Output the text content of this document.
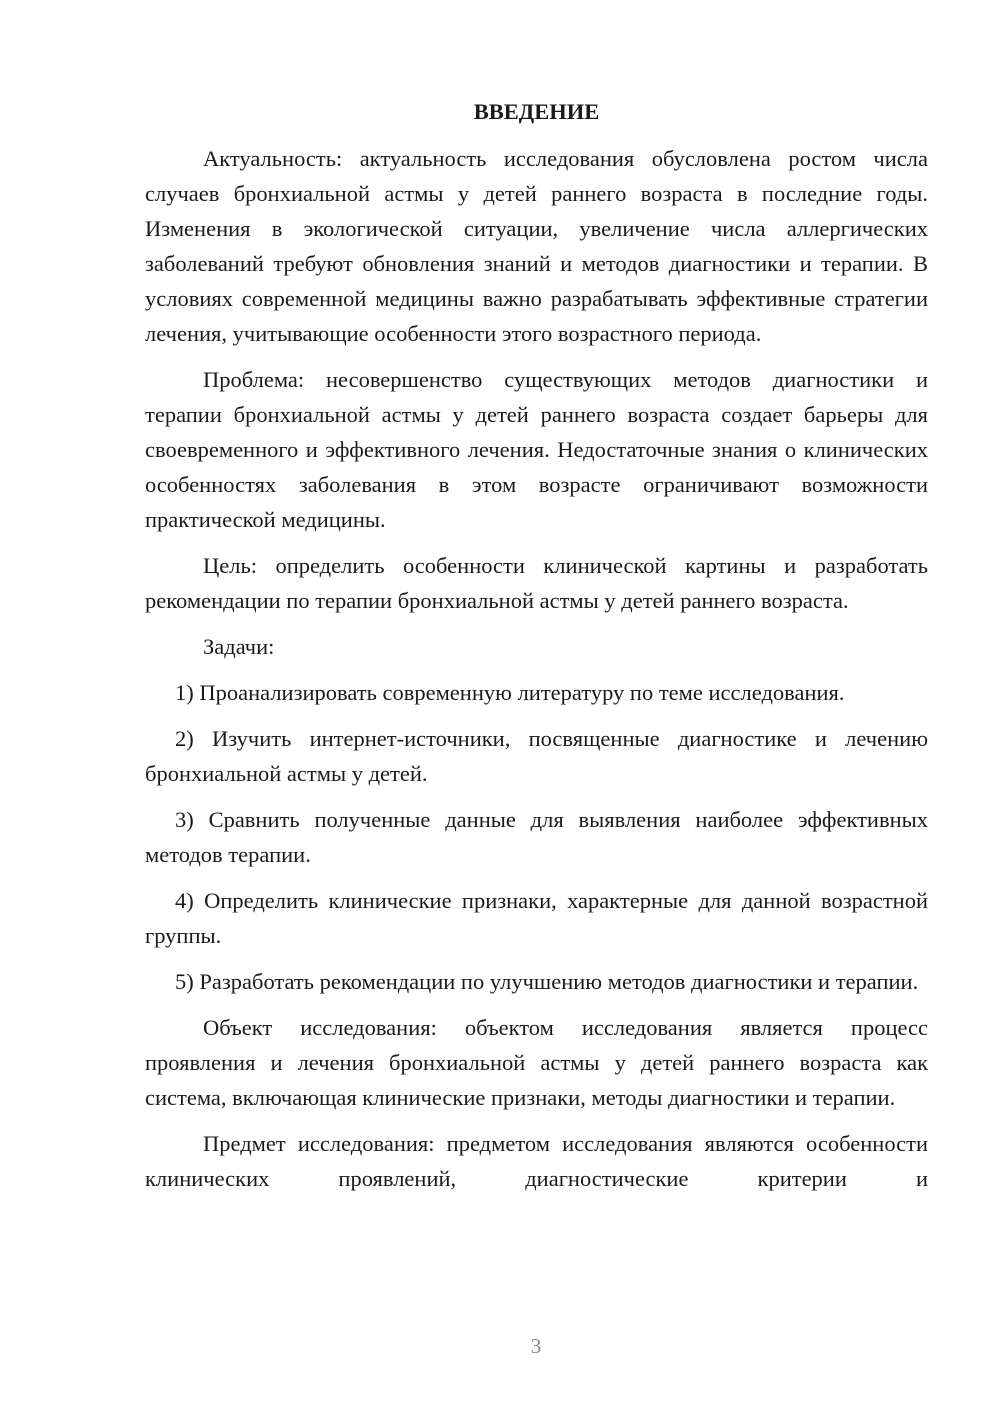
ВВЕДЕНИЕ

Актуальность: актуальность исследования обусловлена ростом числа случаев бронхиальной астмы у детей раннего возраста в последние годы. Изменения в экологической ситуации, увеличение числа аллергических заболеваний требуют обновления знаний и методов диагностики и терапии. В условиях современной медицины важно разрабатывать эффективные стратегии лечения, учитывающие особенности этого возрастного периода.

Проблема: несовершенство существующих методов диагностики и терапии бронхиальной астмы у детей раннего возраста создает барьеры для своевременного и эффективного лечения. Недостаточные знания о клинических особенностях заболевания в этом возрасте ограничивают возможности практической медицины.

Цель: определить особенности клинической картины и разработать рекомендации по терапии бронхиальной астмы у детей раннего возраста.

Задачи:

1) Проанализировать современную литературу по теме исследования.

2) Изучить интернет-источники, посвященные диагностике и лечению бронхиальной астмы у детей.

3) Сравнить полученные данные для выявления наиболее эффективных методов терапии.

4) Определить клинические признаки, характерные для данной возрастной группы.

5) Разработать рекомендации по улучшению методов диагностики и терапии.

Объект исследования: объектом исследования является процесс проявления и лечения бронхиальной астмы у детей раннего возраста как система, включающая клинические признаки, методы диагностики и терапии.

Предмет исследования: предметом исследования являются особенности клинических проявлений, диагностические критерии и

3
